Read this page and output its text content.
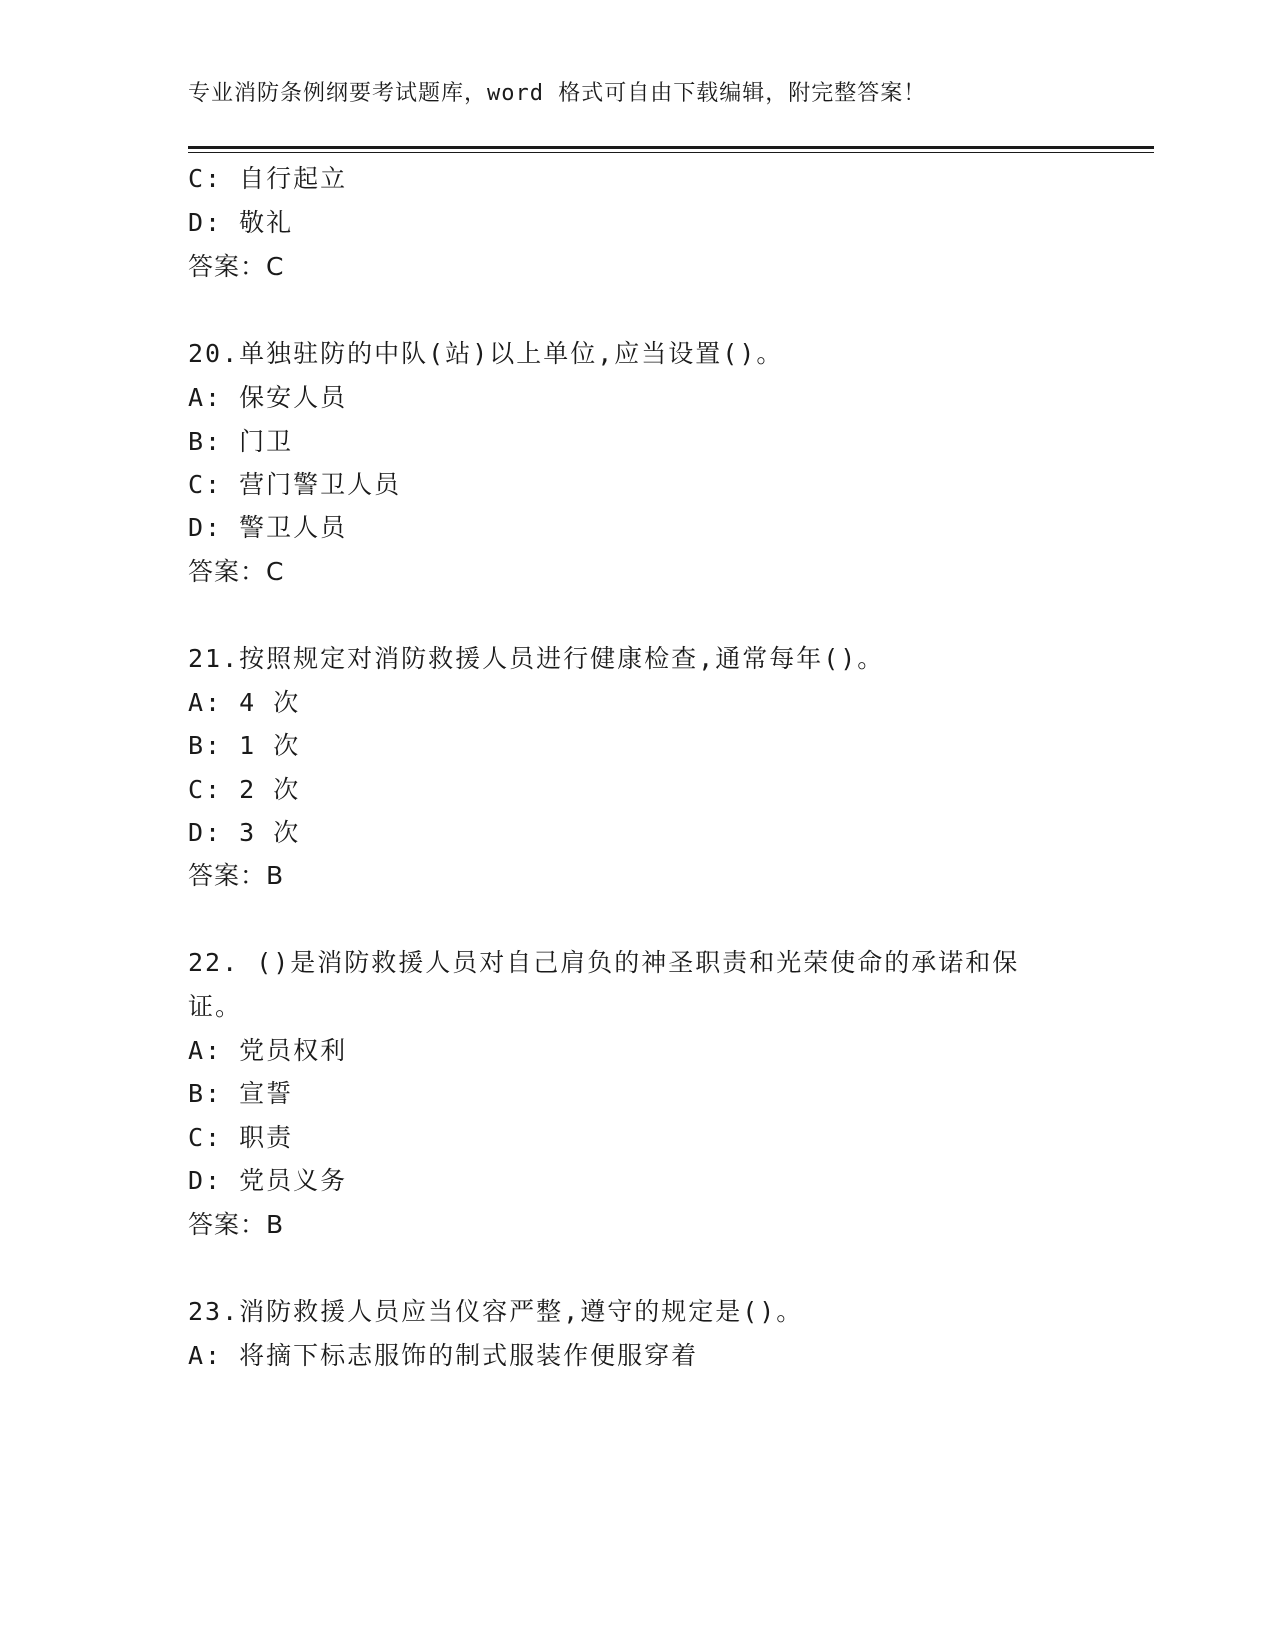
专业消防条例纲要考试题库，word 格式可自由下载编辑，附完整答案！
C: 自行起立
D: 敬礼
答案：C
20.单独驻防的中队(站)以上单位,应当设置()。
A: 保安人员
B: 门卫
C: 营门警卫人员
D: 警卫人员
答案：C
21.按照规定对消防救援人员进行健康检查,通常每年()。
A: 4 次
B: 1 次
C: 2 次
D: 3 次
答案：B
22. ()是消防救援人员对自己肩负的神圣职责和光荣使命的承诺和保
证。
A: 党员权利
B: 宣誓
C: 职责
D: 党员义务
答案：B
23.消防救援人员应当仪容严整,遵守的规定是()。
A: 将摘下标志服饰的制式服装作便服穿着
